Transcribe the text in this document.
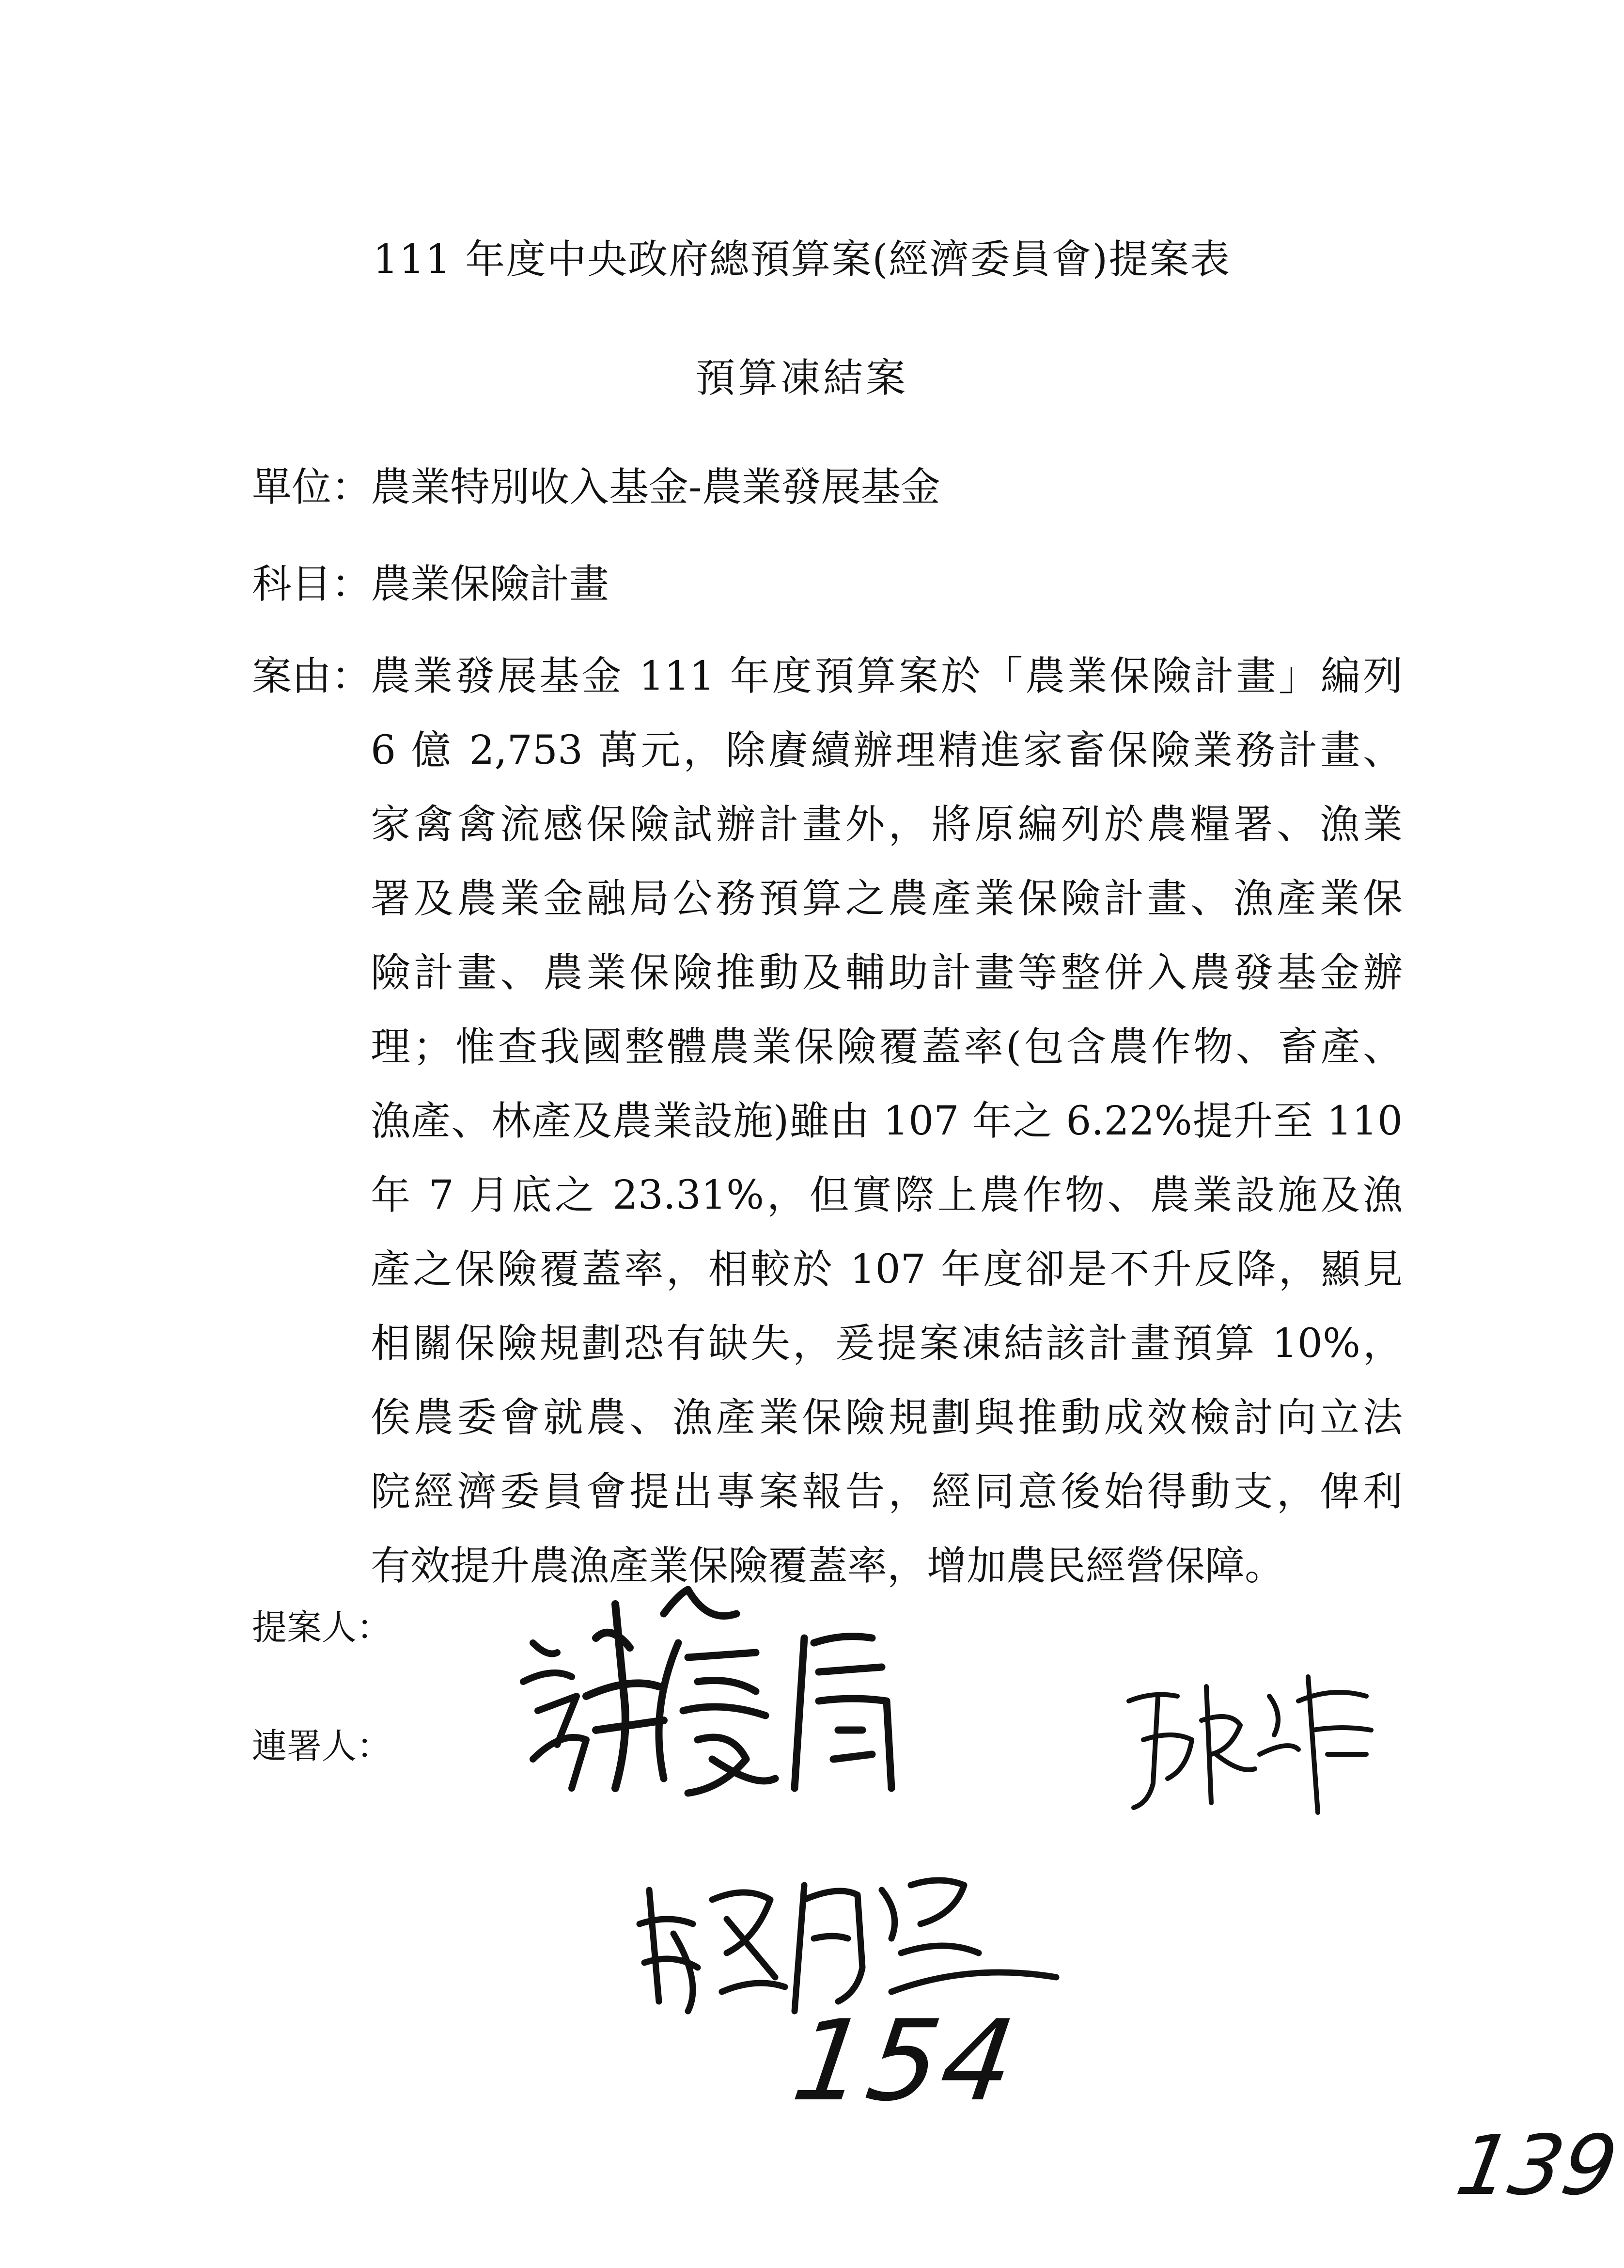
111 年度中央政府總預算案(經濟委員會)提案表
預算凍結案
單位：
農業特別收入基金-農業發展基金
科目：
農業保險計畫
案由：
農業發展基金 111 年度預算案於「農業保險計畫」編列
6 億 2,753 萬元，除賡續辦理精進家畜保險業務計畫、
家禽禽流感保險試辦計畫外，將原編列於農糧署、漁業
署及農業金融局公務預算之農產業保險計畫、漁產業保
險計畫、農業保險推動及輔助計畫等整併入農發基金辦
理；惟查我國整體農業保險覆蓋率(包含農作物、畜產、
漁產、林產及農業設施)雖由 107 年之 6.22%提升至 110
年 7 月底之 23.31%，但實際上農作物、農業設施及漁
產之保險覆蓋率，相較於 107 年度卻是不升反降，顯見
相關保險規劃恐有缺失，爰提案凍結該計畫預算 10%，
俟農委會就農、漁產業保險規劃與推動成效檢討向立法
院經濟委員會提出專案報告，經同意後始得動支，俾利
有效提升農漁產業保險覆蓋率，增加農民經營保障。
提案人：
連署人：
154
139
